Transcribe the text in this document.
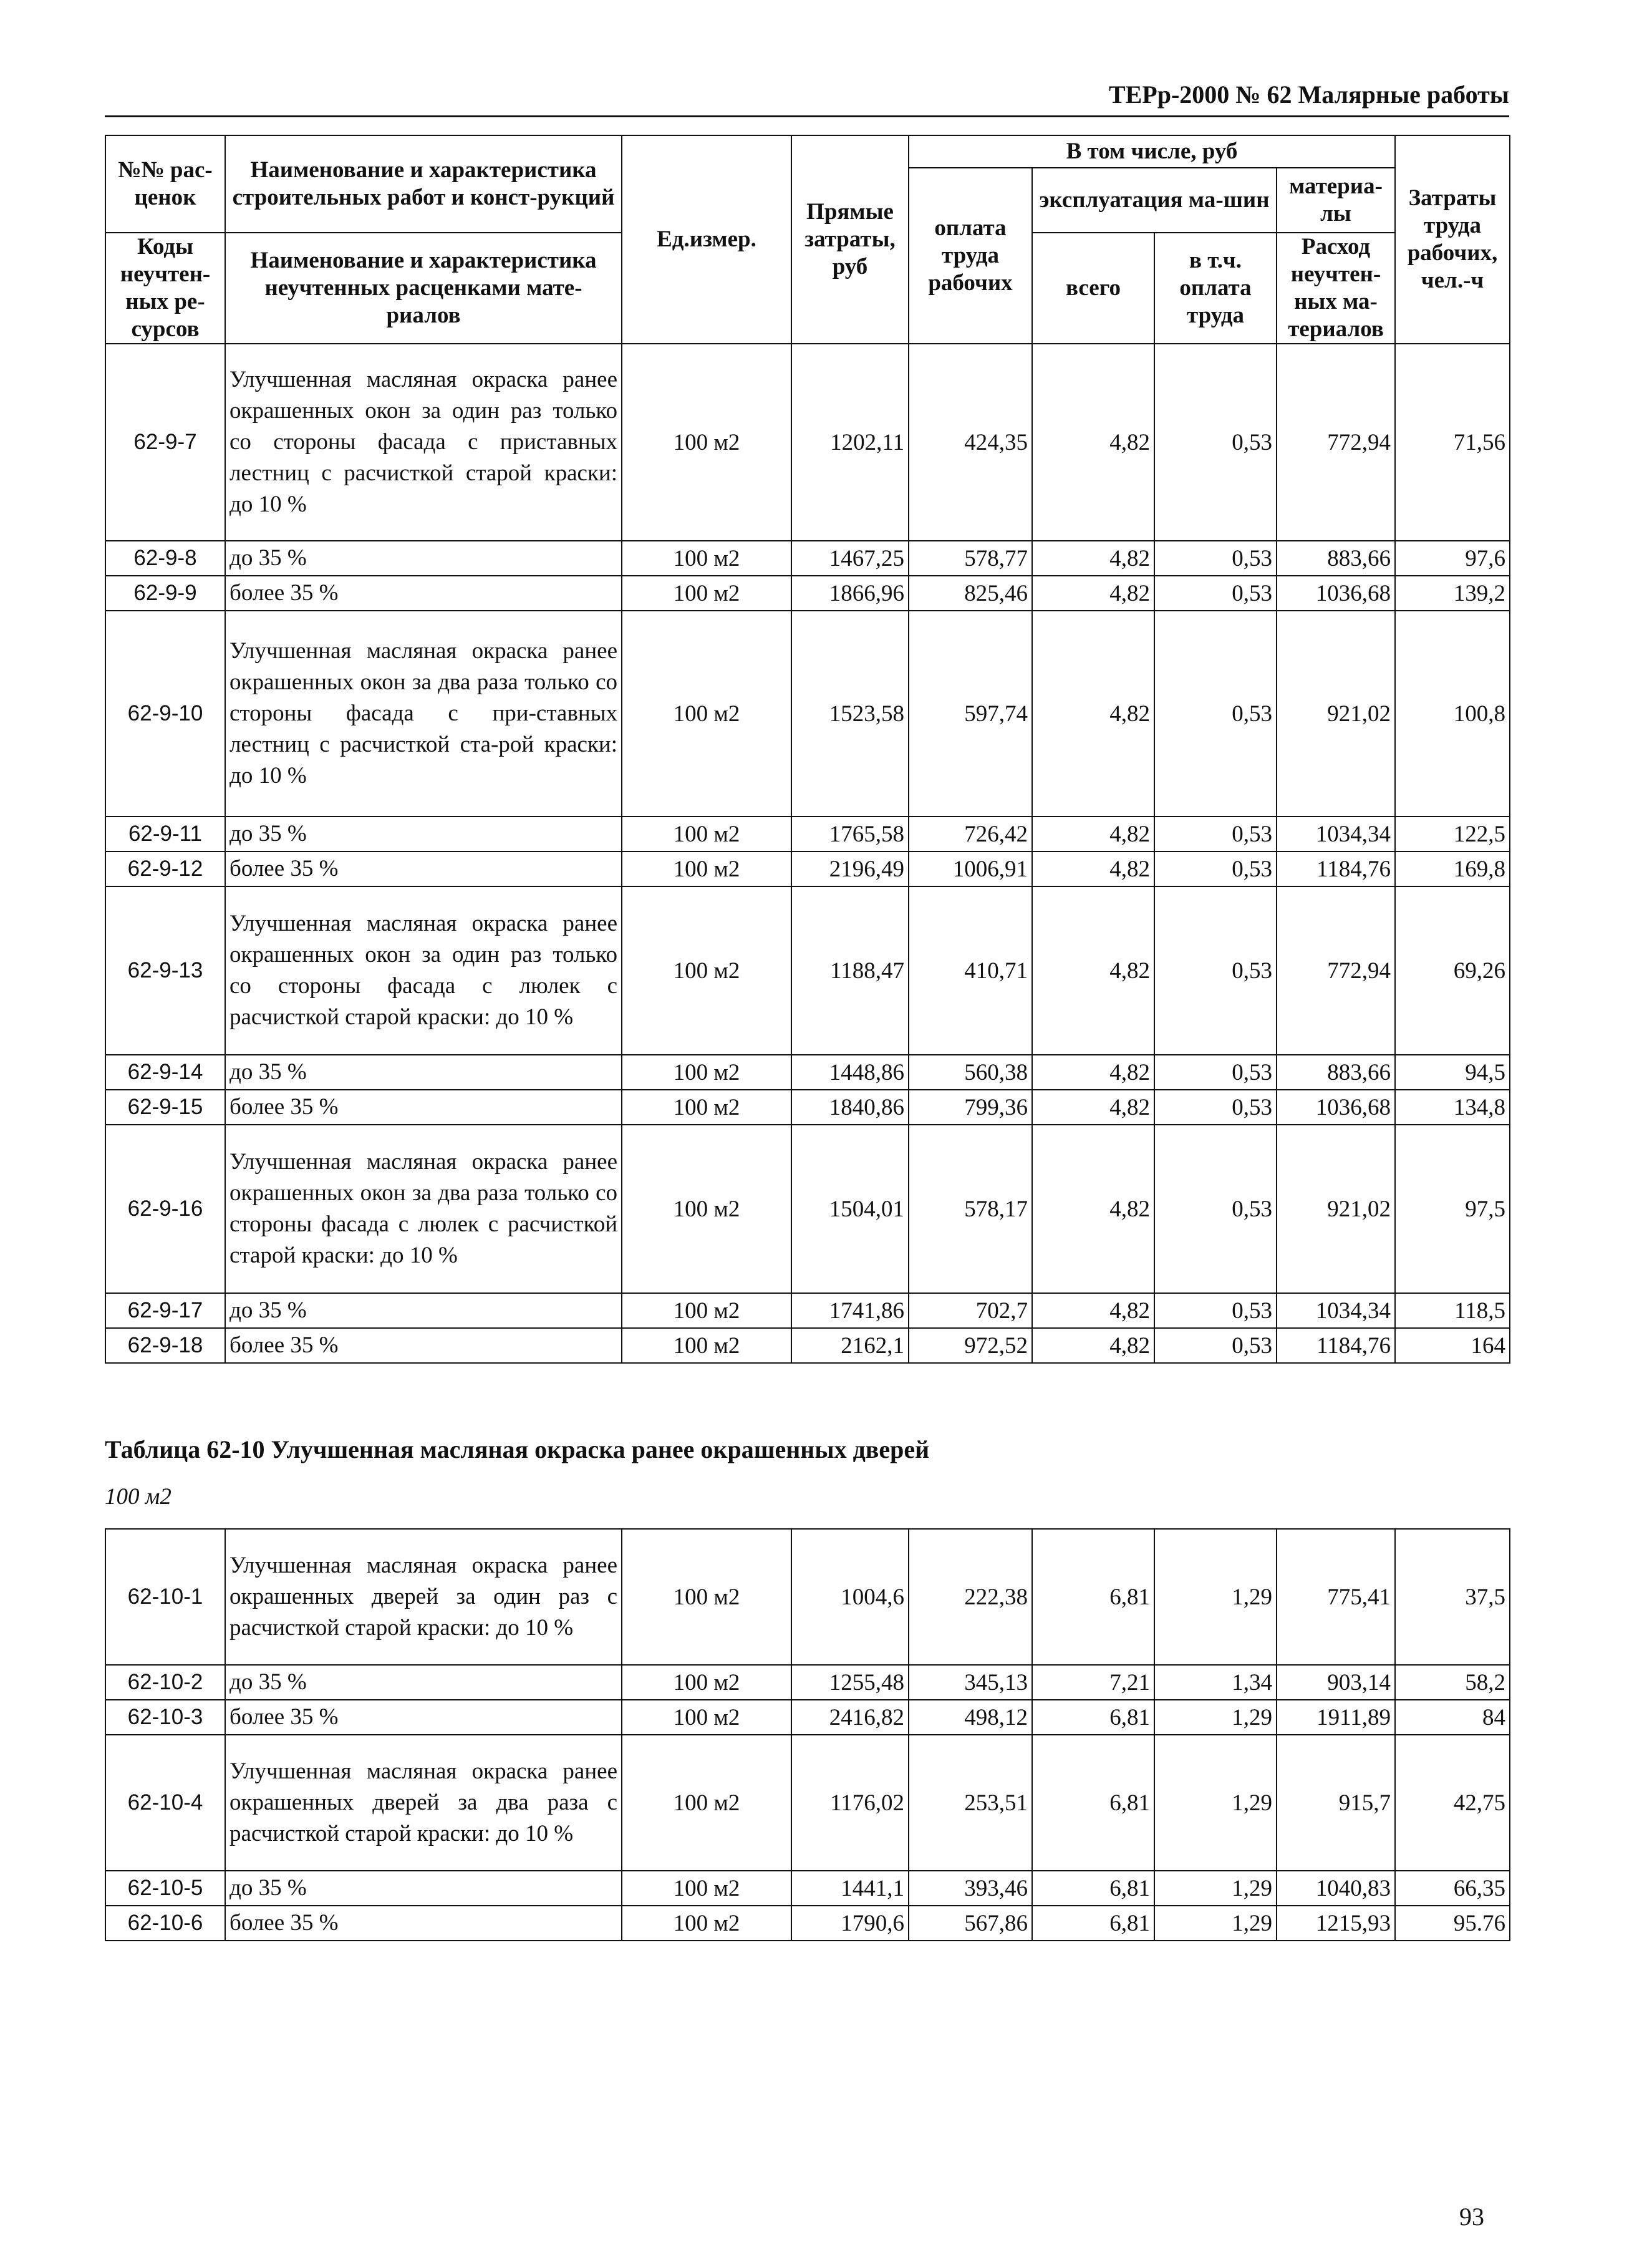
ТЕРр-2000 № 62 Малярные работы
№№ рас-ценок	Наименование и характеристика строительных работ и конст-рукций	Ед.измер.	Прямые затраты, руб	В том числе, руб				Затраты труда рабочих, чел.-ч
				оплата труда рабочих	эксплуатация ма-шин		материа-лы	

Коды неучтен-ных ре-сурсов	Наименование и характеристика неучтенных расценками мате-риалов				всего	в т.ч. оплата труда	Расход неучтен-ных ма-териалов	

62-9-7	Улучшенная масляная окраска ранее окрашенных окон за один раз только со стороны фасада с приставных лестниц с расчисткой старой краски: до 10 %	100 м2	1202,11	424,35	4,82	0,53	772,94	71,56
62-9-8	до 35 %	100 м2	1467,25	578,77	4,82	0,53	883,66	97,6
62-9-9	более 35 %	100 м2	1866,96	825,46	4,82	0,53	1036,68	139,2
62-9-10	Улучшенная масляная окраска ранее окрашенных окон за два раза только со стороны фасада с при-ставных лестниц с расчисткой ста-рой краски: до 10 %	100 м2	1523,58	597,74	4,82	0,53	921,02	100,8
62-9-11	до 35 %	100 м2	1765,58	726,42	4,82	0,53	1034,34	122,5
62-9-12	более 35 %	100 м2	2196,49	1006,91	4,82	0,53	1184,76	169,8
62-9-13	Улучшенная масляная окраска ранее окрашенных окон за один раз только со стороны фасада с люлек с расчисткой старой краски: до 10 %	100 м2	1188,47	410,71	4,82	0,53	772,94	69,26
62-9-14	до 35 %	100 м2	1448,86	560,38	4,82	0,53	883,66	94,5
62-9-15	более 35 %	100 м2	1840,86	799,36	4,82	0,53	1036,68	134,8
62-9-16	Улучшенная масляная окраска ранее окрашенных окон за два раза только со стороны фасада с люлек с расчисткой старой краски: до 10 %	100 м2	1504,01	578,17	4,82	0,53	921,02	97,5
62-9-17	до 35 %	100 м2	1741,86	702,7	4,82	0,53	1034,34	118,5
62-9-18	более 35 %	100 м2	2162,1	972,52	4,82	0,53	1184,76	164
Таблица 62-10 Улучшенная масляная окраска ранее окрашенных дверей
100 м2
62-10-1	Улучшенная масляная окраска ранее окрашенных дверей за один раз с расчисткой старой краски: до 10 %	100 м2	1004,6	222,38	6,81	1,29	775,41	37,5
62-10-2	до 35 %	100 м2	1255,48	345,13	7,21	1,34	903,14	58,2
62-10-3	более 35 %	100 м2	2416,82	498,12	6,81	1,29	1911,89	84
62-10-4	Улучшенная масляная окраска ранее окрашенных дверей за два раза с расчисткой старой краски: до 10 %	100 м2	1176,02	253,51	6,81	1,29	915,7	42,75
62-10-5	до 35 %	100 м2	1441,1	393,46	6,81	1,29	1040,83	66,35
62-10-6	более 35 %	100 м2	1790,6	567,86	6,81	1,29	1215,93	95.76
93
